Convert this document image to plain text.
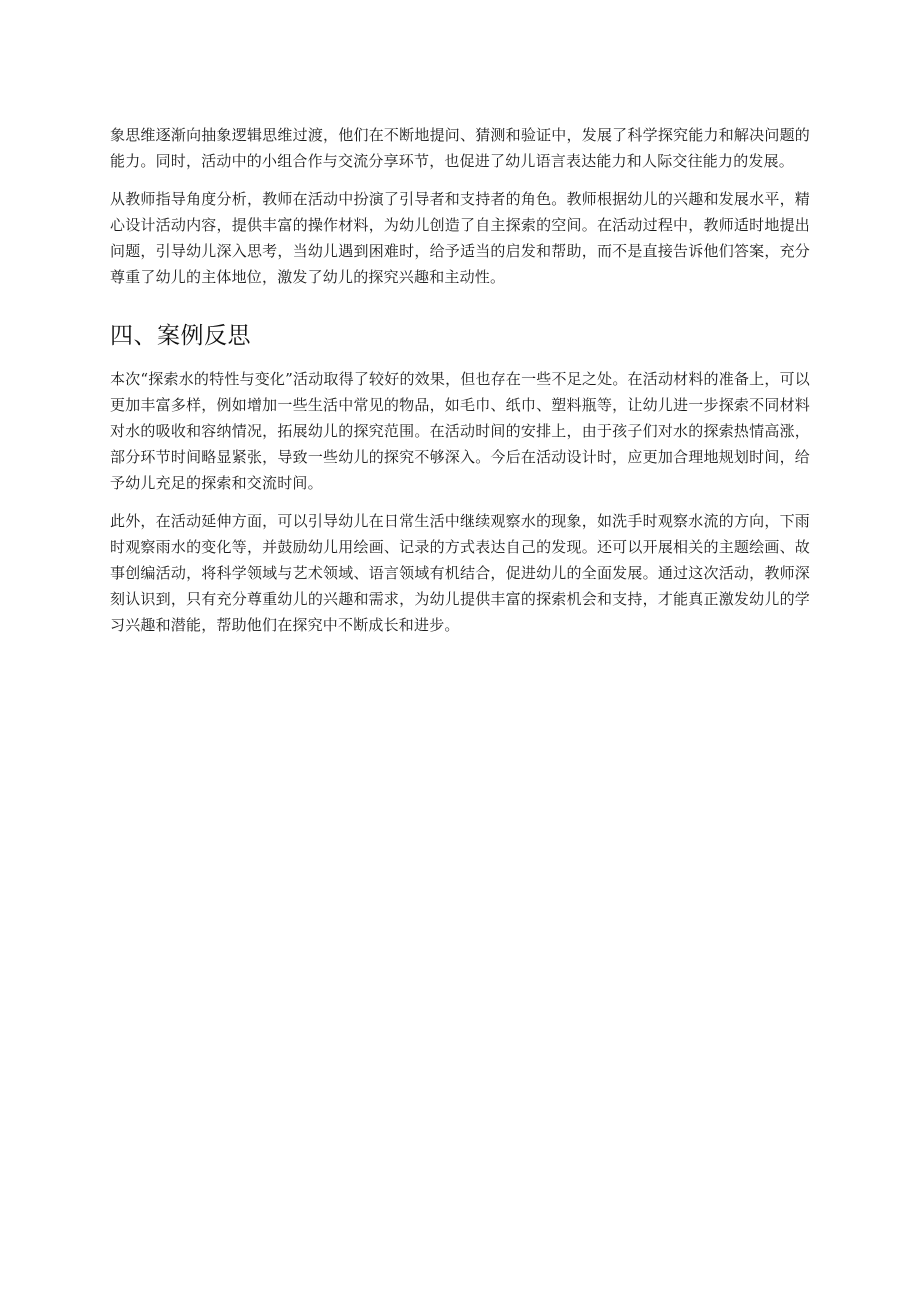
象思维逐渐向抽象逻辑思维过渡，他们在不断地提问、猜测和验证中，发展了科学探究能力和解决问题的能力。同时，活动中的小组合作与交流分享环节，也促进了幼儿语言表达能力和人际交往能力的发展。

从教师指导角度分析，教师在活动中扮演了引导者和支持者的角色。教师根据幼儿的兴趣和发展水平，精心设计活动内容，提供丰富的操作材料，为幼儿创造了自主探索的空间。在活动过程中，教师适时地提出问题，引导幼儿深入思考，当幼儿遇到困难时，给予适当的启发和帮助，而不是直接告诉他们答案，充分尊重了幼儿的主体地位，激发了幼儿的探究兴趣和主动性。

四、案例反思

本次“探索水的特性与变化”活动取得了较好的效果，但也存在一些不足之处。在活动材料的准备上，可以更加丰富多样，例如增加一些生活中常见的物品，如毛巾、纸巾、塑料瓶等，让幼儿进一步探索不同材料对水的吸收和容纳情况，拓展幼儿的探究范围。在活动时间的安排上，由于孩子们对水的探索热情高涨，部分环节时间略显紧张，导致一些幼儿的探究不够深入。今后在活动设计时，应更加合理地规划时间，给予幼儿充足的探索和交流时间。

此外，在活动延伸方面，可以引导幼儿在日常生活中继续观察水的现象，如洗手时观察水流的方向，下雨时观察雨水的变化等，并鼓励幼儿用绘画、记录的方式表达自己的发现。还可以开展相关的主题绘画、故事创编活动，将科学领域与艺术领域、语言领域有机结合，促进幼儿的全面发展。通过这次活动，教师深刻认识到，只有充分尊重幼儿的兴趣和需求，为幼儿提供丰富的探索机会和支持，才能真正激发幼儿的学习兴趣和潜能，帮助他们在探究中不断成长和进步。
